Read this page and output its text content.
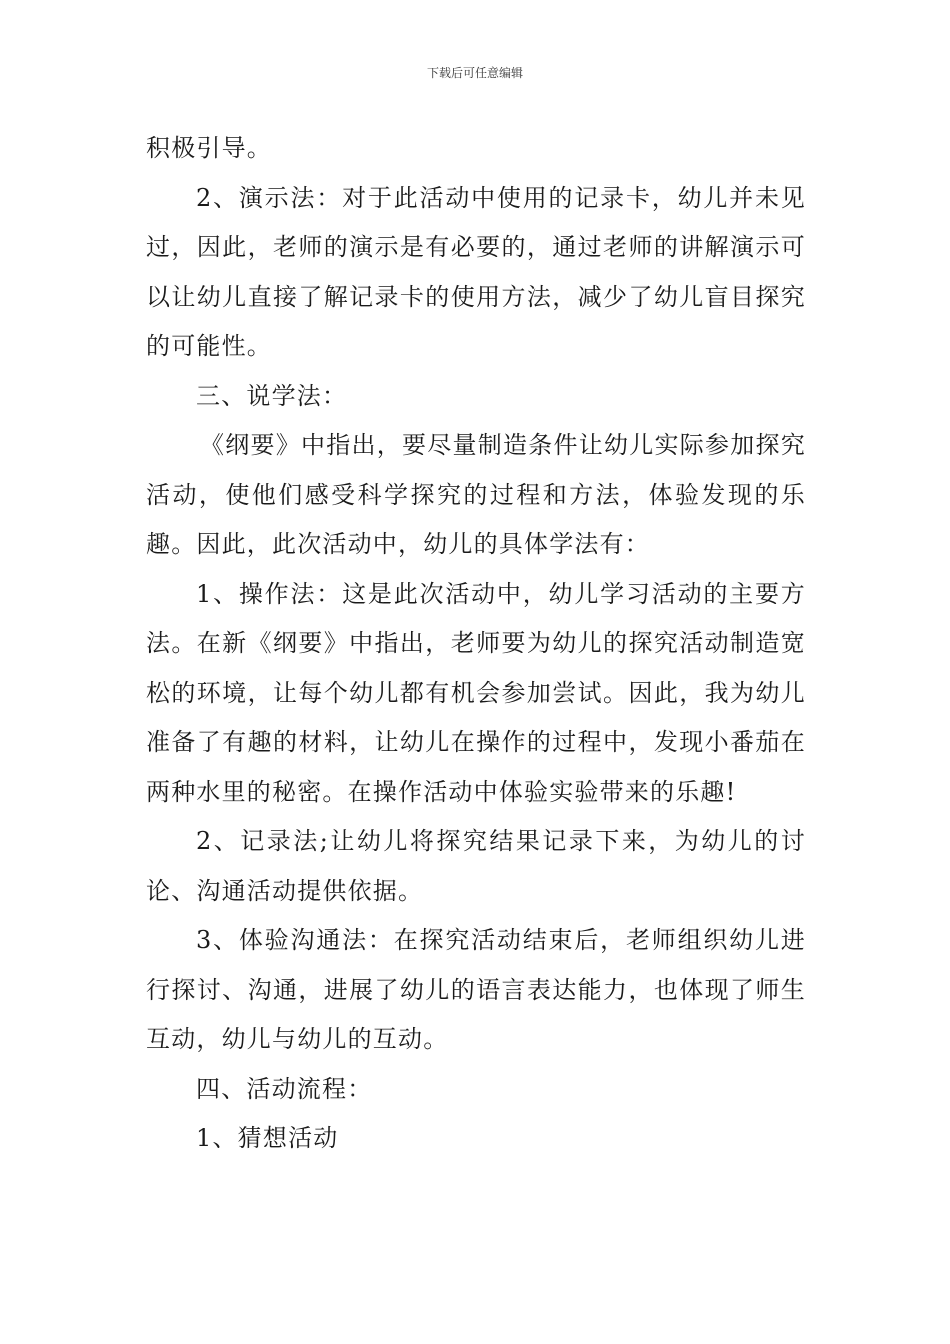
下载后可任意编辑

积极引导。

2、演示法：对于此活动中使用的记录卡，幼儿并未见过，因此，老师的演示是有必要的，通过老师的讲解演示可以让幼儿直接了解记录卡的使用方法，减少了幼儿盲目探究的可能性。

三、说学法：

《纲要》中指出，要尽量制造条件让幼儿实际参加探究活动，使他们感受科学探究的过程和方法，体验发现的乐趣。因此，此次活动中，幼儿的具体学法有：

1、操作法：这是此次活动中，幼儿学习活动的主要方法。在新《纲要》中指出，老师要为幼儿的探究活动制造宽松的环境，让每个幼儿都有机会参加尝试。因此，我为幼儿准备了有趣的材料，让幼儿在操作的过程中，发现小番茄在两种水里的秘密。在操作活动中体验实验带来的乐趣!

2、记录法;让幼儿将探究结果记录下来，为幼儿的讨论、沟通活动提供依据。

3、体验沟通法：在探究活动结束后，老师组织幼儿进行探讨、沟通，进展了幼儿的语言表达能力，也体现了师生互动，幼儿与幼儿的互动。

四、活动流程：

1、猜想活动
